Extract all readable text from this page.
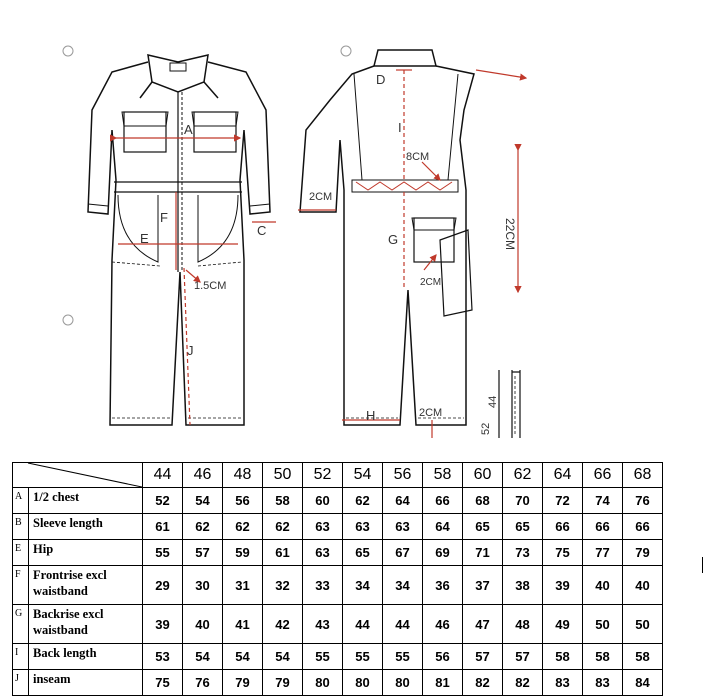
A
F
E
C
1.5CM
J
D
I
8CM
2CM
G
2CM
22CM
H	2CM
44
52
	44	46	48	50	52	54	56	58	60	62	64	66	68
A	1/2 chest	52	54	56	58	60	62	64	66	68	70	72	74	76
B	Sleeve length	61	62	62	62	63	63	63	64	65	65	66	66	66
E	Hip	55	57	59	61	63	65	67	69	71	73	75	77	79
F	Frontrise excl waistband	29	30	31	32	33	34	34	36	37	38	39	40	40
G	Backrise excl waistband	39	40	41	42	43	44	44	46	47	48	49	50	50
I	Back length	53	54	54	54	55	55	55	56	57	57	58	58	58
J	inseam	75	76	79	79	80	80	80	81	82	82	83	83	84
